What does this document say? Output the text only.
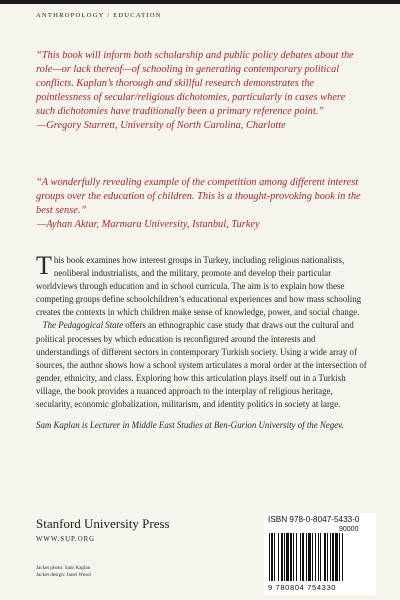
ANTHROPOLOGY / EDUCATION
“This book will inform both scholarship and public policy debates about the role—or lack thereof—of schooling in generating contemporary political conflicts. Kaplan’s thorough and skillful research demonstrates the pointlessness of secular/religious dichotomies, particularly in cases where such dichotomies have traditionally been a primary reference point.”
—Gregory Starrett, University of North Carolina, Charlotte
“A wonderfully revealing example of the competition among different interest groups over the education of children. This is a thought-provoking book in the best sense.”
—Ayhan Aktar, Marmara University, Istanbul, Turkey

This book examines how interest groups in Turkey, including religious nationalists, neoliberal industrialists, and the military, promote and develop their particular worldviews through education and in school curricula. The aim is to explain how these competing groups define schoolchildren’s educational experiences and how mass schooling creates the contexts in which children make sense of knowledge, power, and social change.

The Pedagogical State offers an ethnographic case study that draws out the cultural and political processes by which education is reconfigured around the interests and understandings of different sectors in contemporary Turkish society. Using a wide array of sources, the author shows how a school system articulates a moral order at the intersection of gender, ethnicity, and class. Exploring how this articulation plays itself out in a Turkish village, the book provides a nuanced approach to the interplay of religious heritage, secularity, economic globalization, militarism, and identity politics in society at large.

Sam Kaplan is Lecturer in Middle East Studies at Ben-Gurion University of the Negev.

Stanford University Press
WWW.SUP.ORG
Jacket photo: Sam Kaplan
Jacket design: Janet Wood
ISBN 978-0-8047-5433-0
90000
9 780804 754330
